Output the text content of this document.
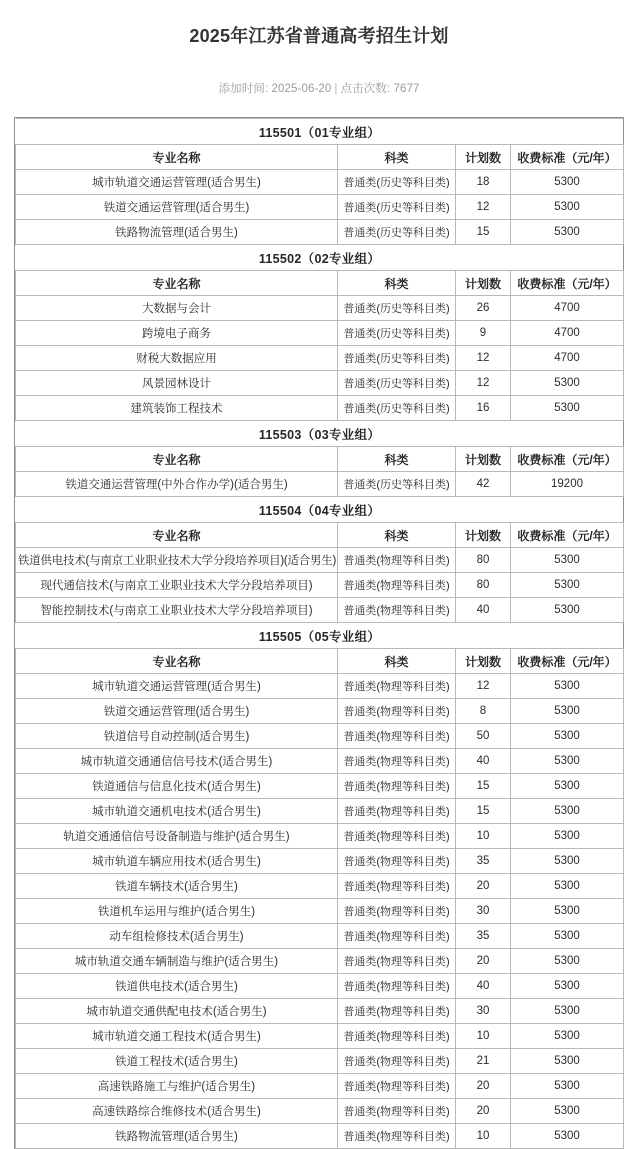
2025年江苏省普通高考招生计划
添加时间: 2025-06-20 | 点击次数: 7677
115501（01专业组）			
专业名称	科类	计划数	收费标准（元/年）
城市轨道交通运营管理(适合男生)	普通类(历史等科目类)	18	5300
铁道交通运营管理(适合男生)	普通类(历史等科目类)	12	5300
铁路物流管理(适合男生)	普通类(历史等科目类)	15	5300
115502（02专业组）			
专业名称	科类	计划数	收费标准（元/年）
大数据与会计	普通类(历史等科目类)	26	4700
跨境电子商务	普通类(历史等科目类)	9	4700
财税大数据应用	普通类(历史等科目类)	12	4700
风景园林设计	普通类(历史等科目类)	12	5300
建筑装饰工程技术	普通类(历史等科目类)	16	5300
115503（03专业组）			
专业名称	科类	计划数	收费标准（元/年）
铁道交通运营管理(中外合作办学)(适合男生)	普通类(历史等科目类)	42	19200
115504（04专业组）			
专业名称	科类	计划数	收费标准（元/年）
铁道供电技术(与南京工业职业技术大学分段培养项目)(适合男生)	普通类(物理等科目类)	80	5300
现代通信技术(与南京工业职业技术大学分段培养项目)	普通类(物理等科目类)	80	5300
智能控制技术(与南京工业职业技术大学分段培养项目)	普通类(物理等科目类)	40	5300
115505（05专业组）			
专业名称	科类	计划数	收费标准（元/年）
城市轨道交通运营管理(适合男生)	普通类(物理等科目类)	12	5300
铁道交通运营管理(适合男生)	普通类(物理等科目类)	8	5300
铁道信号自动控制(适合男生)	普通类(物理等科目类)	50	5300
城市轨道交通通信信号技术(适合男生)	普通类(物理等科目类)	40	5300
铁道通信与信息化技术(适合男生)	普通类(物理等科目类)	15	5300
城市轨道交通机电技术(适合男生)	普通类(物理等科目类)	15	5300
轨道交通通信信号设备制造与维护(适合男生)	普通类(物理等科目类)	10	5300
城市轨道车辆应用技术(适合男生)	普通类(物理等科目类)	35	5300
铁道车辆技术(适合男生)	普通类(物理等科目类)	20	5300
铁道机车运用与维护(适合男生)	普通类(物理等科目类)	30	5300
动车组检修技术(适合男生)	普通类(物理等科目类)	35	5300
城市轨道交通车辆制造与维护(适合男生)	普通类(物理等科目类)	20	5300
铁道供电技术(适合男生)	普通类(物理等科目类)	40	5300
城市轨道交通供配电技术(适合男生)	普通类(物理等科目类)	30	5300
城市轨道交通工程技术(适合男生)	普通类(物理等科目类)	10	5300
铁道工程技术(适合男生)	普通类(物理等科目类)	21	5300
高速铁路施工与维护(适合男生)	普通类(物理等科目类)	20	5300
高速铁路综合维修技术(适合男生)	普通类(物理等科目类)	20	5300
铁路物流管理(适合男生)	普通类(物理等科目类)	10	5300
